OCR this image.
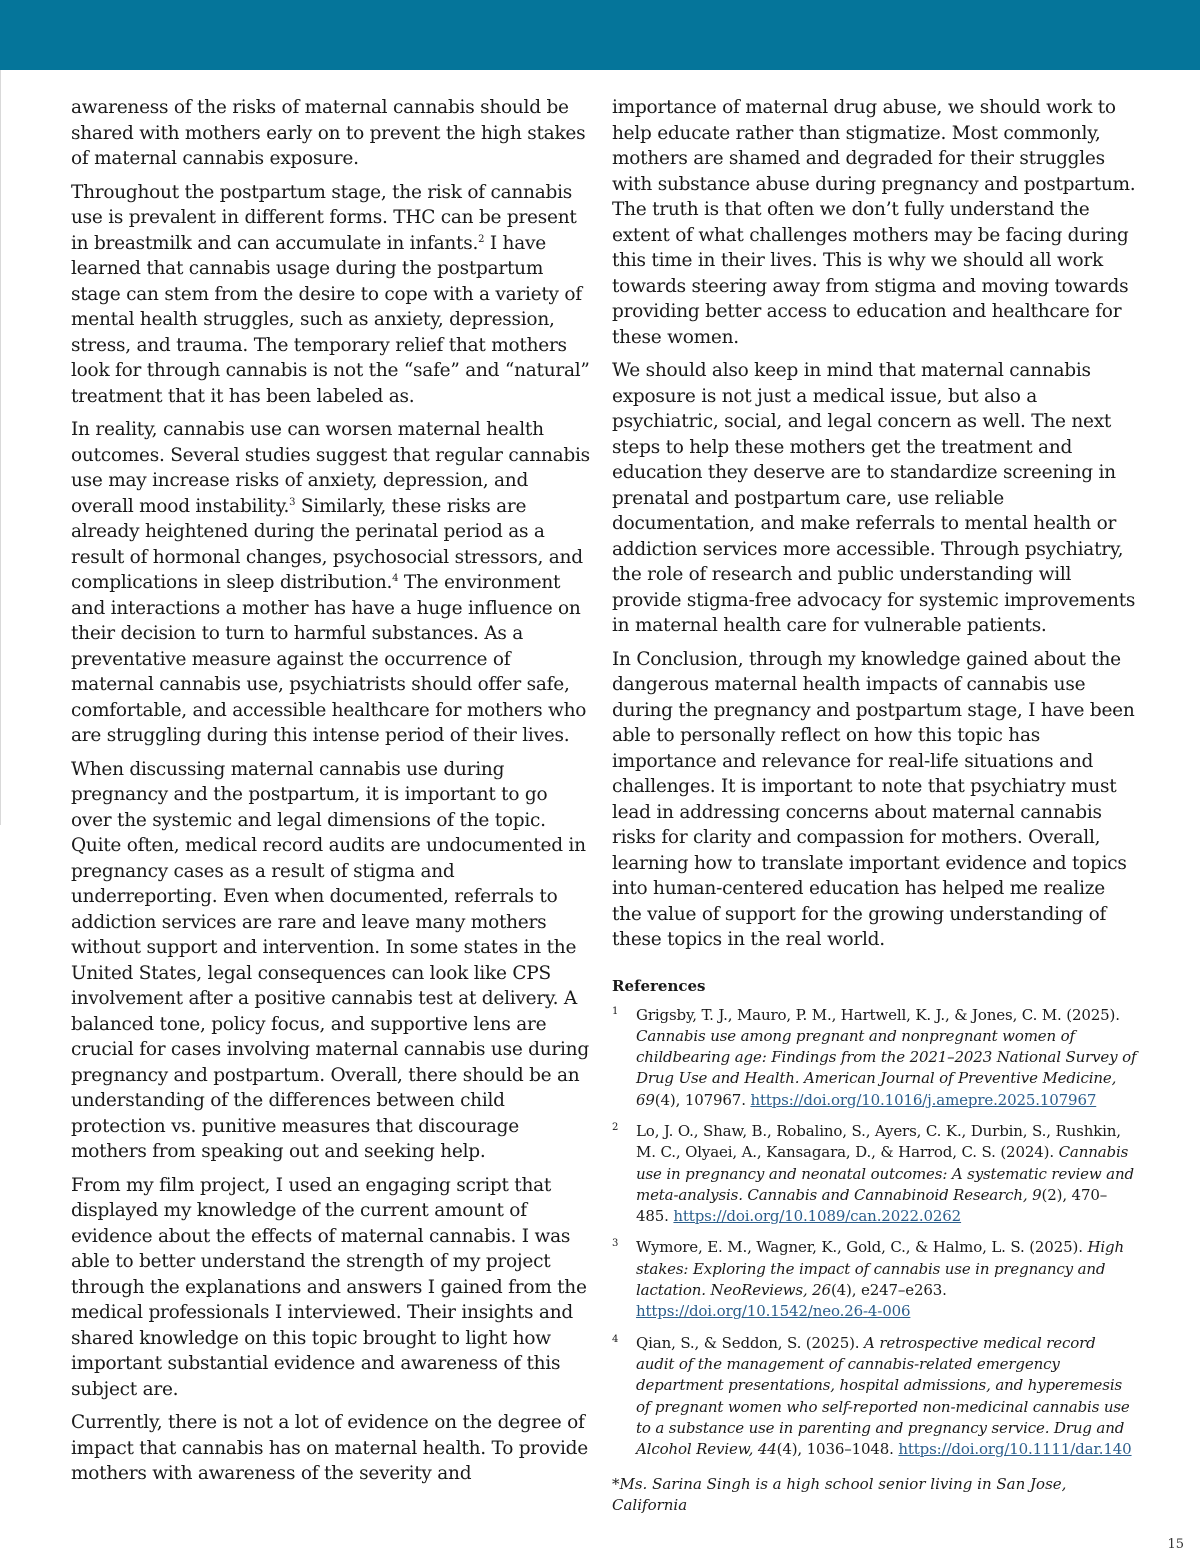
awareness of the risks of maternal cannabis should be shared with mothers early on to prevent the high stakes of maternal cannabis exposure.

Throughout the postpartum stage, the risk of cannabis use is prevalent in different forms. THC can be present in breastmilk and can accumulate in infants.$^2$ I have learned that cannabis usage during the postpartum stage can stem from the desire to cope with a variety of mental health struggles, such as anxiety, depression, stress, and trauma. The temporary relief that mothers look for through cannabis is not the “safe” and “natural” treatment that it has been labeled as.

In reality, cannabis use can worsen maternal health outcomes. Several studies suggest that regular cannabis use may increase risks of anxiety, depression, and overall mood instability.$^3$ Similarly, these risks are already heightened during the perinatal period as a result of hormonal changes, psychosocial stressors, and complications in sleep distribution.$^4$ The environment and interactions a mother has have a huge influence on their decision to turn to harmful substances. As a preventative measure against the occurrence of maternal cannabis use, psychiatrists should offer safe, comfortable, and accessible healthcare for mothers who are struggling during this intense period of their lives.

When discussing maternal cannabis use during pregnancy and the postpartum, it is important to go over the systemic and legal dimensions of the topic. Quite often, medical record audits are undocumented in pregnancy cases as a result of stigma and underreporting. Even when documented, referrals to addiction services are rare and leave many mothers without support and intervention. In some states in the United States, legal consequences can look like CPS involvement after a positive cannabis test at delivery. A balanced tone, policy focus, and supportive lens are crucial for cases involving maternal cannabis use during pregnancy and postpartum. Overall, there should be an understanding of the differences between child protection vs. punitive measures that discourage mothers from speaking out and seeking help.

From my film project, I used an engaging script that displayed my knowledge of the current amount of evidence about the effects of maternal cannabis. I was able to better understand the strength of my project through the explanations and answers I gained from the medical professionals I interviewed. Their insights and shared knowledge on this topic brought to light how important substantial evidence and awareness of this subject are.

Currently, there is not a lot of evidence on the degree of impact that cannabis has on maternal health. To provide mothers with awareness of the severity and

importance of maternal drug abuse, we should work to help educate rather than stigmatize. Most commonly, mothers are shamed and degraded for their struggles with substance abuse during pregnancy and postpartum. The truth is that often we don’t fully understand the extent of what challenges mothers may be facing during this time in their lives. This is why we should all work towards steering away from stigma and moving towards providing better access to education and healthcare for these women.

We should also keep in mind that maternal cannabis exposure is not just a medical issue, but also a psychiatric, social, and legal concern as well. The next steps to help these mothers get the treatment and education they deserve are to standardize screening in prenatal and postpartum care, use reliable documentation, and make referrals to mental health or addiction services more accessible. Through psychiatry, the role of research and public understanding will provide stigma-free advocacy for systemic improvements in maternal health care for vulnerable patients.

In Conclusion, through my knowledge gained about the dangerous maternal health impacts of cannabis use during the pregnancy and postpartum stage, I have been able to personally reflect on how this topic has importance and relevance for real-life situations and challenges. It is important to note that psychiatry must lead in addressing concerns about maternal cannabis risks for clarity and compassion for mothers. Overall, learning how to translate important evidence and topics into human-centered education has helped me realize the value of support for the growing understanding of these topics in the real world.

References
1 Grigsby, T. J., Mauro, P. M., Hartwell, K. J., & Jones, C. M. (2025). Cannabis use among pregnant and nonpregnant women of childbearing age: Findings from the 2021–2023 National Survey of Drug Use and Health. American Journal of Preventive Medicine, 69(4), 107967. https://doi.org/10.1016/j.amepre.2025.107967
2 Lo, J. O., Shaw, B., Robalino, S., Ayers, C. K., Durbin, S., Rushkin, M. C., Olyaei, A., Kansagara, D., & Harrod, C. S. (2024). Cannabis use in pregnancy and neonatal outcomes: A systematic review and meta-analysis. Cannabis and Cannabinoid Research, 9(2), 470–485. https://doi.org/10.1089/can.2022.0262
3 Wymore, E. M., Wagner, K., Gold, C., & Halmo, L. S. (2025). High stakes: Exploring the impact of cannabis use in pregnancy and lactation. NeoReviews, 26(4), e247–e263. https://doi.org/10.1542/neo.26-4-006
4 Qian, S., & Seddon, S. (2025). A retrospective medical record audit of the management of cannabis-related emergency department presentations, hospital admissions, and hyperemesis of pregnant women who self-reported non-medicinal cannabis use to a substance use in parenting and pregnancy service. Drug and Alcohol Review, 44(4), 1036–1048. https://doi.org/10.1111/dar.140

*Ms. Sarina Singh is a high school senior living in San Jose, California

15
